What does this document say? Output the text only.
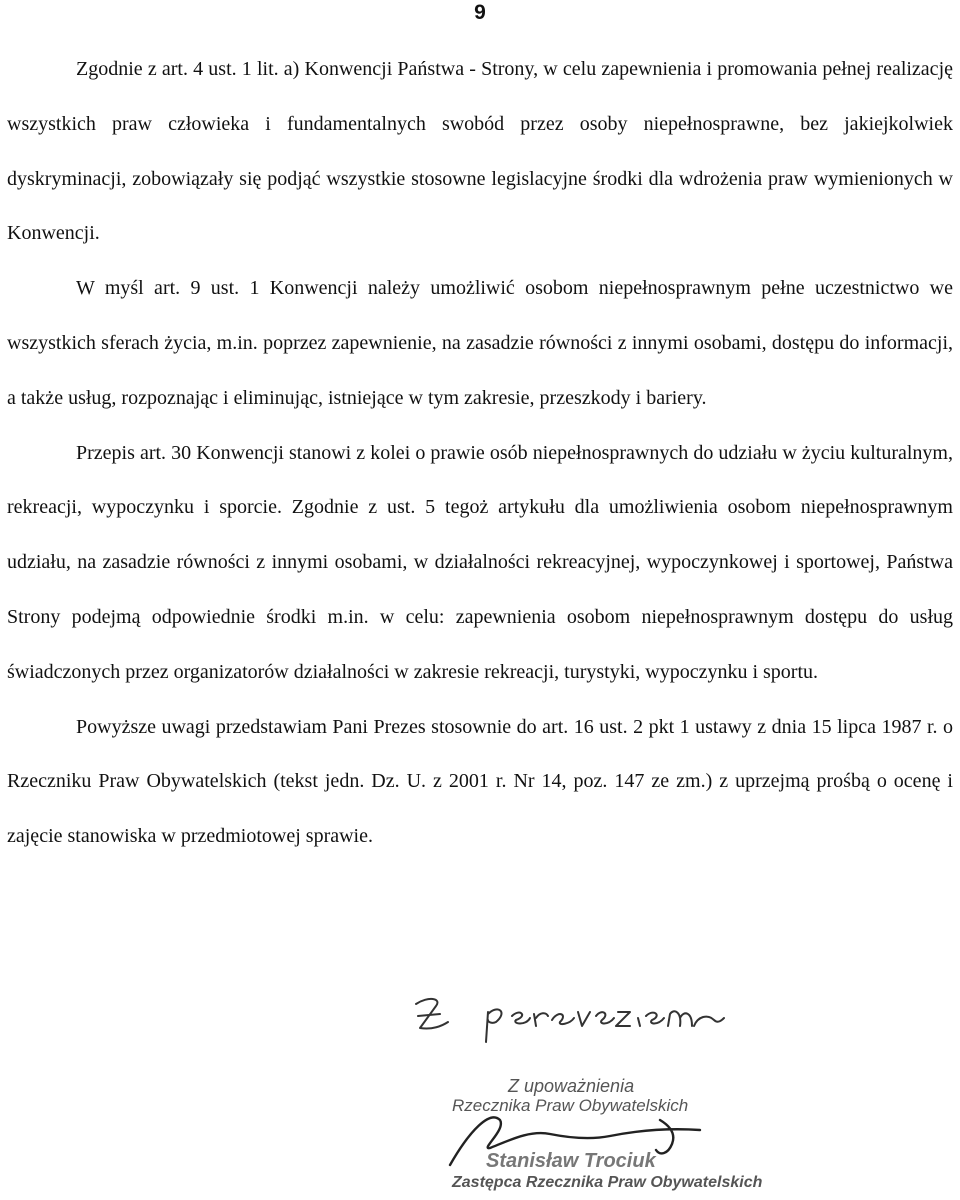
9

Zgodnie z art. 4 ust. 1 lit. a) Konwencji Państwa - Strony, w celu zapewnienia i promowania pełnej realizację wszystkich praw człowieka i fundamentalnych swobód przez osoby niepełnosprawne, bez jakiejkolwiek dyskryminacji, zobowiązały się podjąć wszystkie stosowne legislacyjne środki dla wdrożenia praw wymienionych w Konwencji.

W myśl art. 9 ust. 1 Konwencji należy umożliwić osobom niepełnosprawnym pełne uczestnictwo we wszystkich sferach życia, m.in. poprzez zapewnienie, na zasadzie równości z innymi osobami, dostępu do informacji, a także usług, rozpoznając i eliminując, istniejące w tym zakresie, przeszkody i bariery.

Przepis art. 30 Konwencji stanowi z kolei o prawie osób niepełnosprawnych do udziału w życiu kulturalnym, rekreacji, wypoczynku i sporcie. Zgodnie z ust. 5 tegoż artykułu dla umożliwienia osobom niepełnosprawnym udziału, na zasadzie równości z innymi osobami, w działalności rekreacyjnej, wypoczynkowej i sportowej, Państwa Strony podejmą odpowiednie środki m.in. w celu: zapewnienia osobom niepełnosprawnym dostępu do usług świadczonych przez organizatorów działalności w zakresie rekreacji, turystyki, wypoczynku i sportu.

Powyższe uwagi przedstawiam Pani Prezes stosownie do art. 16 ust. 2 pkt 1 ustawy z dnia 15 lipca 1987 r. o Rzeczniku Praw Obywatelskich (tekst jedn. Dz. U. z 2001 r. Nr 14, poz. 147 ze zm.) z uprzejmą prośbą o ocenę i zajęcie stanowiska w przedmiotowej sprawie.

Z upoważnienia
Rzecznika Praw Obywatelskich
Stanisław Trociuk
Zastępca Rzecznika Praw Obywatelskich
